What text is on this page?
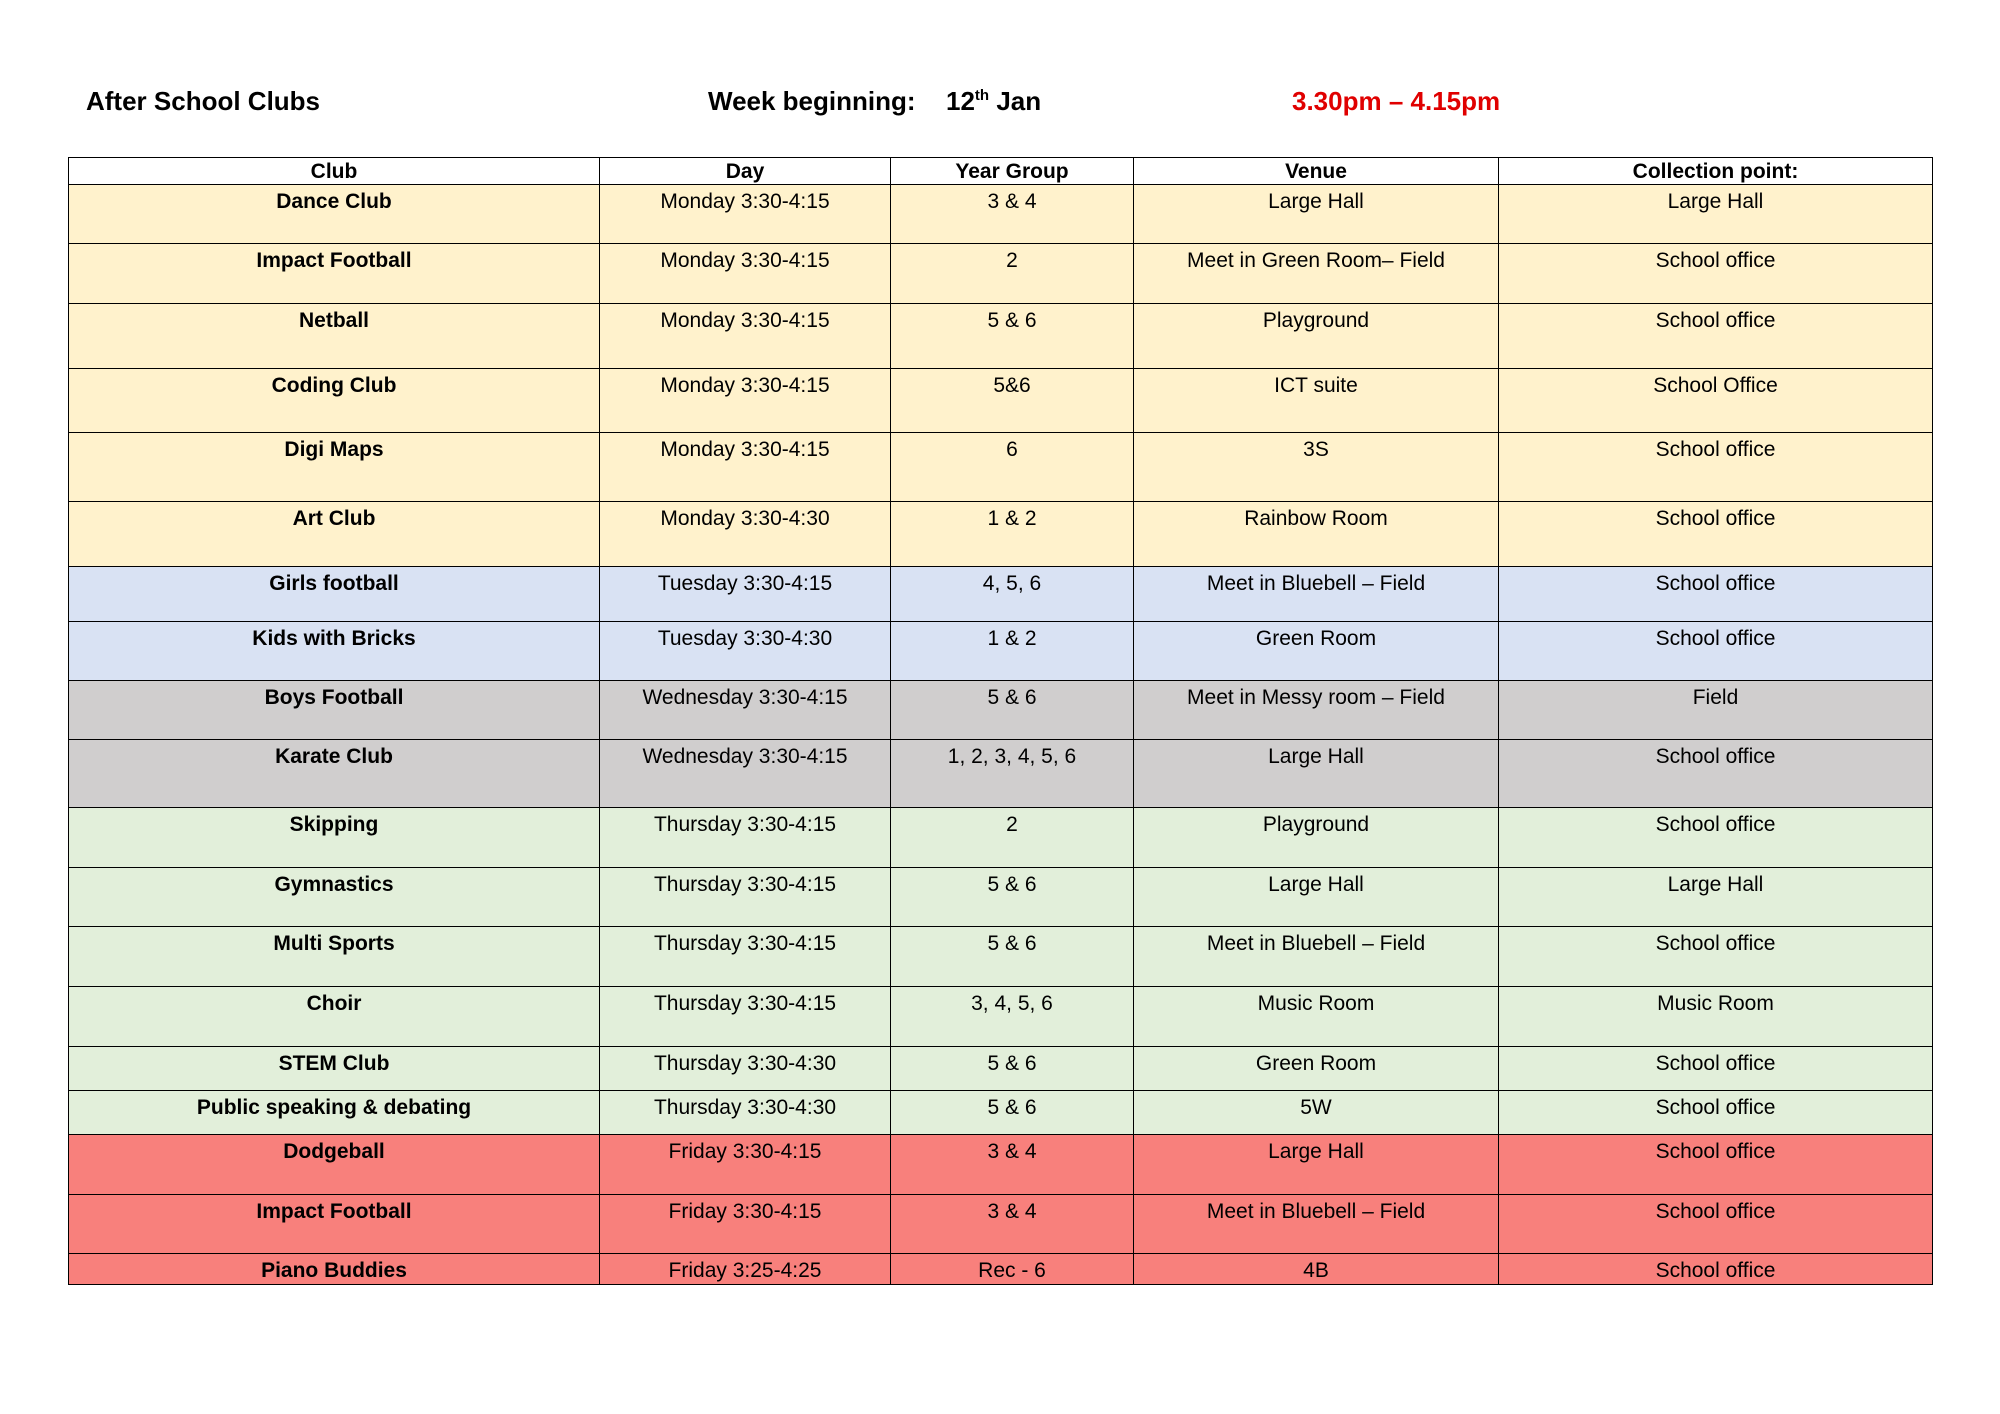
After School Clubs	Week beginning: 12th Jan	3.30pm – 4.15pm
Club	Day	Year Group	Venue	Collection point:
Dance Club	Monday 3:30-4:15	3 & 4	Large Hall	Large Hall
Impact Football	Monday 3:30-4:15	2	Meet in Green Room– Field	School office
Netball	Monday 3:30-4:15	5 & 6	Playground	School office
Coding Club	Monday 3:30-4:15	5&6	ICT suite	School Office
Digi Maps	Monday 3:30-4:15	6	3S	School office
Art Club	Monday 3:30-4:30	1 & 2	Rainbow Room	School office
Girls football	Tuesday 3:30-4:15	4, 5, 6	Meet in Bluebell – Field	School office
Kids with Bricks	Tuesday 3:30-4:30	1 & 2	Green Room	School office
Boys Football	Wednesday 3:30-4:15	5 & 6	Meet in Messy room – Field	Field
Karate Club	Wednesday 3:30-4:15	1, 2, 3, 4, 5, 6	Large Hall	School office
Skipping	Thursday 3:30-4:15	2	Playground	School office
Gymnastics	Thursday 3:30-4:15	5 & 6	Large Hall	Large Hall
Multi Sports	Thursday 3:30-4:15	5 & 6	Meet in Bluebell – Field	School office
Choir	Thursday 3:30-4:15	3, 4, 5, 6	Music Room	Music Room
STEM Club	Thursday 3:30-4:30	5 & 6	Green Room	School office
Public speaking & debating	Thursday 3:30-4:30	5 & 6	5W	School office
Dodgeball	Friday 3:30-4:15	3 & 4	Large Hall	School office
Impact Football	Friday 3:30-4:15	3 & 4	Meet in Bluebell – Field	School office
Piano Buddies	Friday 3:25-4:25	Rec - 6	4B	School office
